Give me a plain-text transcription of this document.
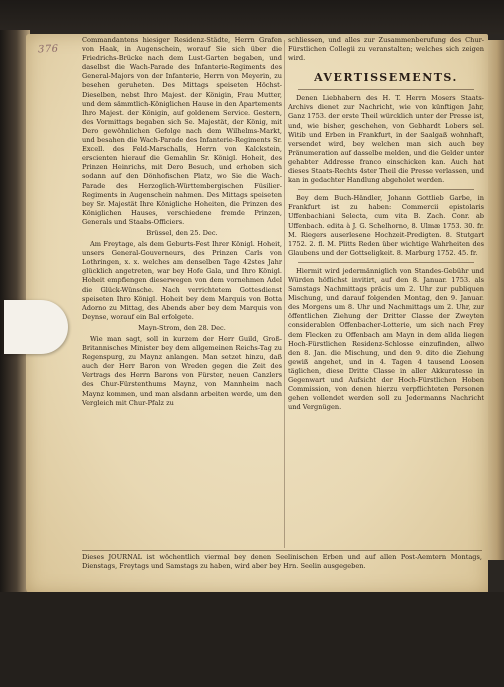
376

Commandantens hiesiger Residenz-Städte, Herrn Grafen von Haak, in Augenschein, worauf Sie sich über die Friedrichs-Brücke nach dem Lust-Garten begaben, und daselbst die Wach-Parade des Infanterie-Regiments des General-Majors von der Infanterie, Herrn von Meyerin, zu besehen geruheten. Des Mittags speiseten Höchst-Dieselben, nebst Ihro Majest. der Königin, Frau Mutter, und dem sämmtlich-Königlichen Hause in den Apartements Ihro Majest. der Königin, auf goldenem Service. Gestern, des Vormittags begaben sich Se. Majestät, der König, mit Dero gewöhnlichen Gefolge nach dem Wilhelms-Markt, und besahen die Wach-Parade des Infanterie-Regiments Sr. Excell. des Feld-Marschalls, Herrn von Kalckstein, erscienten hierauf die Gemahlin Sr. Königl. Hoheit, des Prinzen Heinrichs, mit Dero Besuch, und erhoben sich sodann auf den Dönhofischen Platz, wo Sie die Wach-Parade des Herzoglich-Württembergischen Füsilier-Regiments in Augenschein nahmen. Des Mittags speiseten bey Sr. Majestät Ihre Königliche Hoheiten, die Prinzen des Königlichen Hauses, verschiedene fremde Prinzen, Generals und Staabs-Officiers.

Brüssel, den 25. Dec.

Am Freytage, als dem Geburts-Fest Ihrer Königl. Hoheit, unsers General-Gouverneurs, des Prinzen Carls von Lothringen, x. x. welches am denselben Tage 42stes Jahr glücklich angetreten, war bey Hofe Gala, und Ihro Königl. Hoheit empfiengen dieserwegen von dem vornehmen Adel die Glück-Wünsche. Nach verrichtetem Gottesdienst speiseten Ihro Königl. Hoheit bey dem Marquis von Botta Adorno zu Mittag, des Abends aber bey dem Marquis von Deynse, worauf ein Bal erfolgete.

Mayn-Strom, den 28. Dec.

Wie man sagt, soll in kurzem der Herr Guild, Groß-Britannisches Minister bey dem allgemeinen Reichs-Tag zu Regenspurg, zu Maynz anlangen. Man setzet hinzu, daß auch der Herr Baron von Wreden gegen die Zeit des Vertrags des Herrn Barons von Fürster, neuen Canzlers des Chur-Fürstenthums Maynz, von Mannheim nach Maynz kommen, und man alsdann arbeiten werde, um den Vergleich mit Chur-Pfalz zu

schliessen, und alles zur Zusammenberufung des Chur-Fürstlichen Collegii zu veranstalten; welches sich zeigen wird.

AVERTISSEMENTS.

Denen Liebhabern des H. T. Herrn Mosers Staats-Archivs dienet zur Nachricht, wie von künftigen Jahr, Ganz 1753. der erste Theil würcklich unter der Presse ist, und, wie bisher, geschehen, von Gebhardt Lobers sel. Witib und Erben in Frankfurt, in der Saalgaß wohnhaft, versendet wird, bey welchen man sich auch bey Pränumeration auf dasselbe melden, und die Gelder unter gehabter Addresse franco einschicken kan. Auch hat dieses Staats-Rechts 4ster Theil die Presse verlassen, und kan in gedachter Handlung abgeholet werden.

Bey dem Buch-Händler, Johann Gottlieb Garbe, in Frankfurt ist zu haben: Commercii epistolaris Uffenbachiani Selecta, cum vita B. Zach. Conr. ab Uffenbach. edita à J. G. Schelhorno, 8. Ulmæ 1753. 30. fr. M. Riegers auserlesene Hochzeit-Predigten. 8. Stutgart 1752. 2. fl. M. Plitts Reden über wichtige Wahrheiten des Glaubens und der Gottseligkeit. 8. Marburg 1752. 45. fr.

Hiermit wird jedermänniglich von Standes-Gebühr und Würden höflichst invitirt, auf den 8. Januar. 1753. als Samstags Nachmittags präcis um 2. Uhr zur publiquen Mischung, und darauf folgenden Montag, den 9. Januar. des Morgens um 8. Uhr und Nachmittags um 2. Uhr, zur öffentlichen Ziehung der Dritter Classe der Zweyten considerablen Offenbacher-Lotterie, um sich nach Frey dem Flecken zu Offenbach am Mayn in dem allda liegen Hoch-Fürstlichen Residenz-Schlosse einzufinden, allwo den 8. Jan. die Mischung, und den 9. dito die Ziehung gewiß angehet, und in 4. Tagen 4 tausend Loosen täglichen, diese Dritte Classe in aller Akkuratesse in Gegenwart und Aufsicht der Hoch-Fürstlichen Hoben Commission, von denen hierzu verpflichteten Personen gehen vollendet werden soll zu Jedermanns Nachricht und Vergnügen.

Dieses JOURNAL ist wöchentlich viermal bey denen Seelinischen Erben und auf allen Post-Aemtern Montags, Dienstags, Freytags und Samstags zu haben, wird aber bey Hrn. Seelin ausgegeben.
